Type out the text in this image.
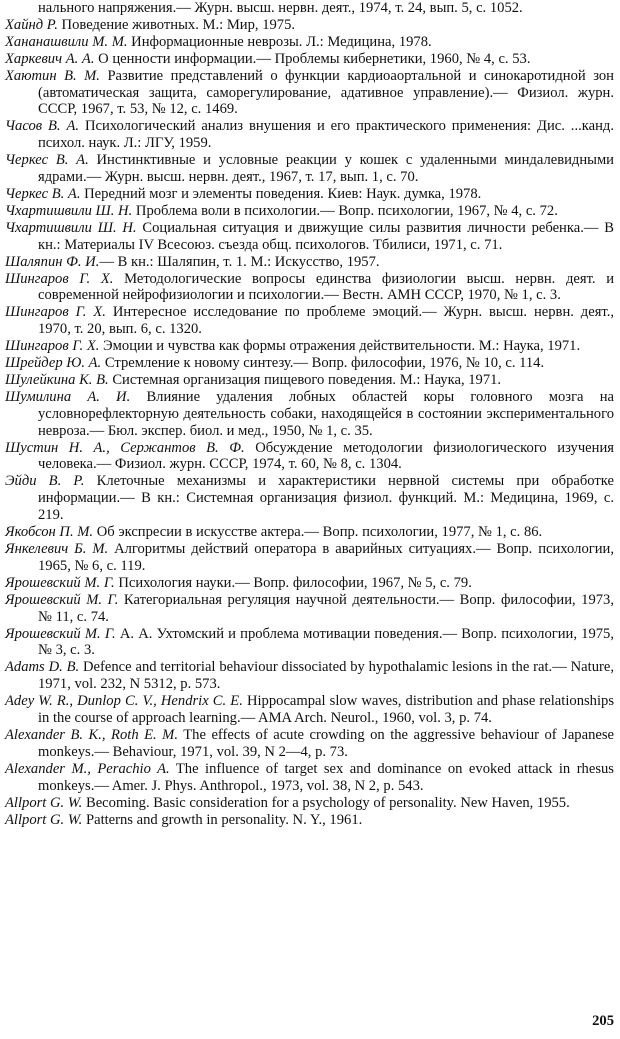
нального напряжения.— Журн. высш. нервн. деят., 1974, т. 24, вып. 5, с. 1052.

Хайнд Р. Поведение животных. М.: Мир, 1975.

Хананашвили М. М. Информационные неврозы. Л.: Медицина, 1978.

Харкевич А. А. О ценности информации.— Проблемы кибернетики, 1960, № 4, с. 53.

Хаютин В. М. Развитие представлений о функции кардиоаортальной и синокаротидной зон (автоматическая защита, саморегулирование, адативное управление).— Физиол. журн. СССР, 1967, т. 53, № 12, с. 1469.

Часов В. А. Психологический анализ внушения и его практического применения: Дис. ...канд. психол. наук. Л.: ЛГУ, 1959.

Черкес В. А. Инстинктивные и условные реакции у кошек с удаленными миндалевидными ядрами.— Журн. высш. нервн. деят., 1967, т. 17, вып. 1, с. 70.

Черкес В. А. Передний мозг и элементы поведения. Киев: Наук. думка, 1978.

Чхартишвили Ш. Н. Проблема воли в психологии.— Вопр. психологии, 1967, № 4, с. 72.

Чхартишвили Ш. Н. Социальная ситуация и движущие силы развития личности ребенка.— В кн.: Материалы IV Всесоюз. съезда общ. психологов. Тбилиси, 1971, с. 71.

Шаляпин Ф. И.— В кн.: Шаляпин, т. 1. М.: Искусство, 1957.

Шингаров Г. Х. Методологические вопросы единства физиологии высш. нервн. деят. и современной нейрофизиологии и психологии.— Вестн. АМН СССР, 1970, № 1, с. 3.

Шингаров Г. Х. Интересное исследование по проблеме эмоций.— Журн. высш. нервн. деят., 1970, т. 20, вып. 6, с. 1320.

Шингаров Г. Х. Эмоции и чувства как формы отражения действительности. М.: Наука, 1971.

Шрейдер Ю. А. Стремление к новому синтезу.— Вопр. философии, 1976, № 10, с. 114.

Шулейкина К. В. Системная организация пищевого поведения. М.: Наука, 1971.

Шумилина А. И. Влияние удаления лобных областей коры головного мозга на условнорефлекторную деятельность собаки, находящейся в состоянии экспериментального невроза.— Бюл. экспер. биол. и мед., 1950, № 1, с. 35.

Шустин Н. А., Сержантов В. Ф. Обсуждение методологии физиологического изучения человека.— Физиол. журн. СССР, 1974, т. 60, № 8, с. 1304.

Эйди В. Р. Клеточные механизмы и характеристики нервной системы при обработке информации.— В кн.: Системная организация физиол. функций. М.: Медицина, 1969, с. 219.

Якобсон П. М. Об экспресии в искусстве актера.— Вопр. психологии, 1977, № 1, с. 86.

Янкелевич Б. М. Алгоритмы действий оператора в аварийных ситуациях.— Вопр. психологии, 1965, № 6, с. 119.

Ярошевский М. Г. Психология науки.— Вопр. философии, 1967, № 5, с. 79.

Ярошевский М. Г. Категориальная регуляция научной деятельности.— Вопр. философии, 1973, № 11, с. 74.

Ярошевский М. Г. А. А. Ухтомский и проблема мотивации поведения.— Вопр. психологии, 1975, № 3, с. 3.

Adams D. B. Defence and territorial behaviour dissociated by hypothalamic lesions in the rat.— Nature, 1971, vol. 232, N 5312, p. 573.

Adey W. R., Dunlop C. V., Hendrix C. E. Hippocampal slow waves, distribution and phase relationships in the course of approach learning.— AMA Arch. Neurol., 1960, vol. 3, p. 74.

Alexander B. K., Roth E. M. The effects of acute crowding on the aggressive behaviour of Japanese monkeys.— Behaviour, 1971, vol. 39, N 2—4, p. 73.

Alexander M., Perachio A. The influence of target sex and dominance on evoked attack in rhesus monkeys.— Amer. J. Phys. Anthropol., 1973, vol. 38, N 2, p. 543.

Allport G. W. Becoming. Basic consideration for a psychology of personality. New Haven, 1955.

Allport G. W. Patterns and growth in personality. N. Y., 1961.

205
